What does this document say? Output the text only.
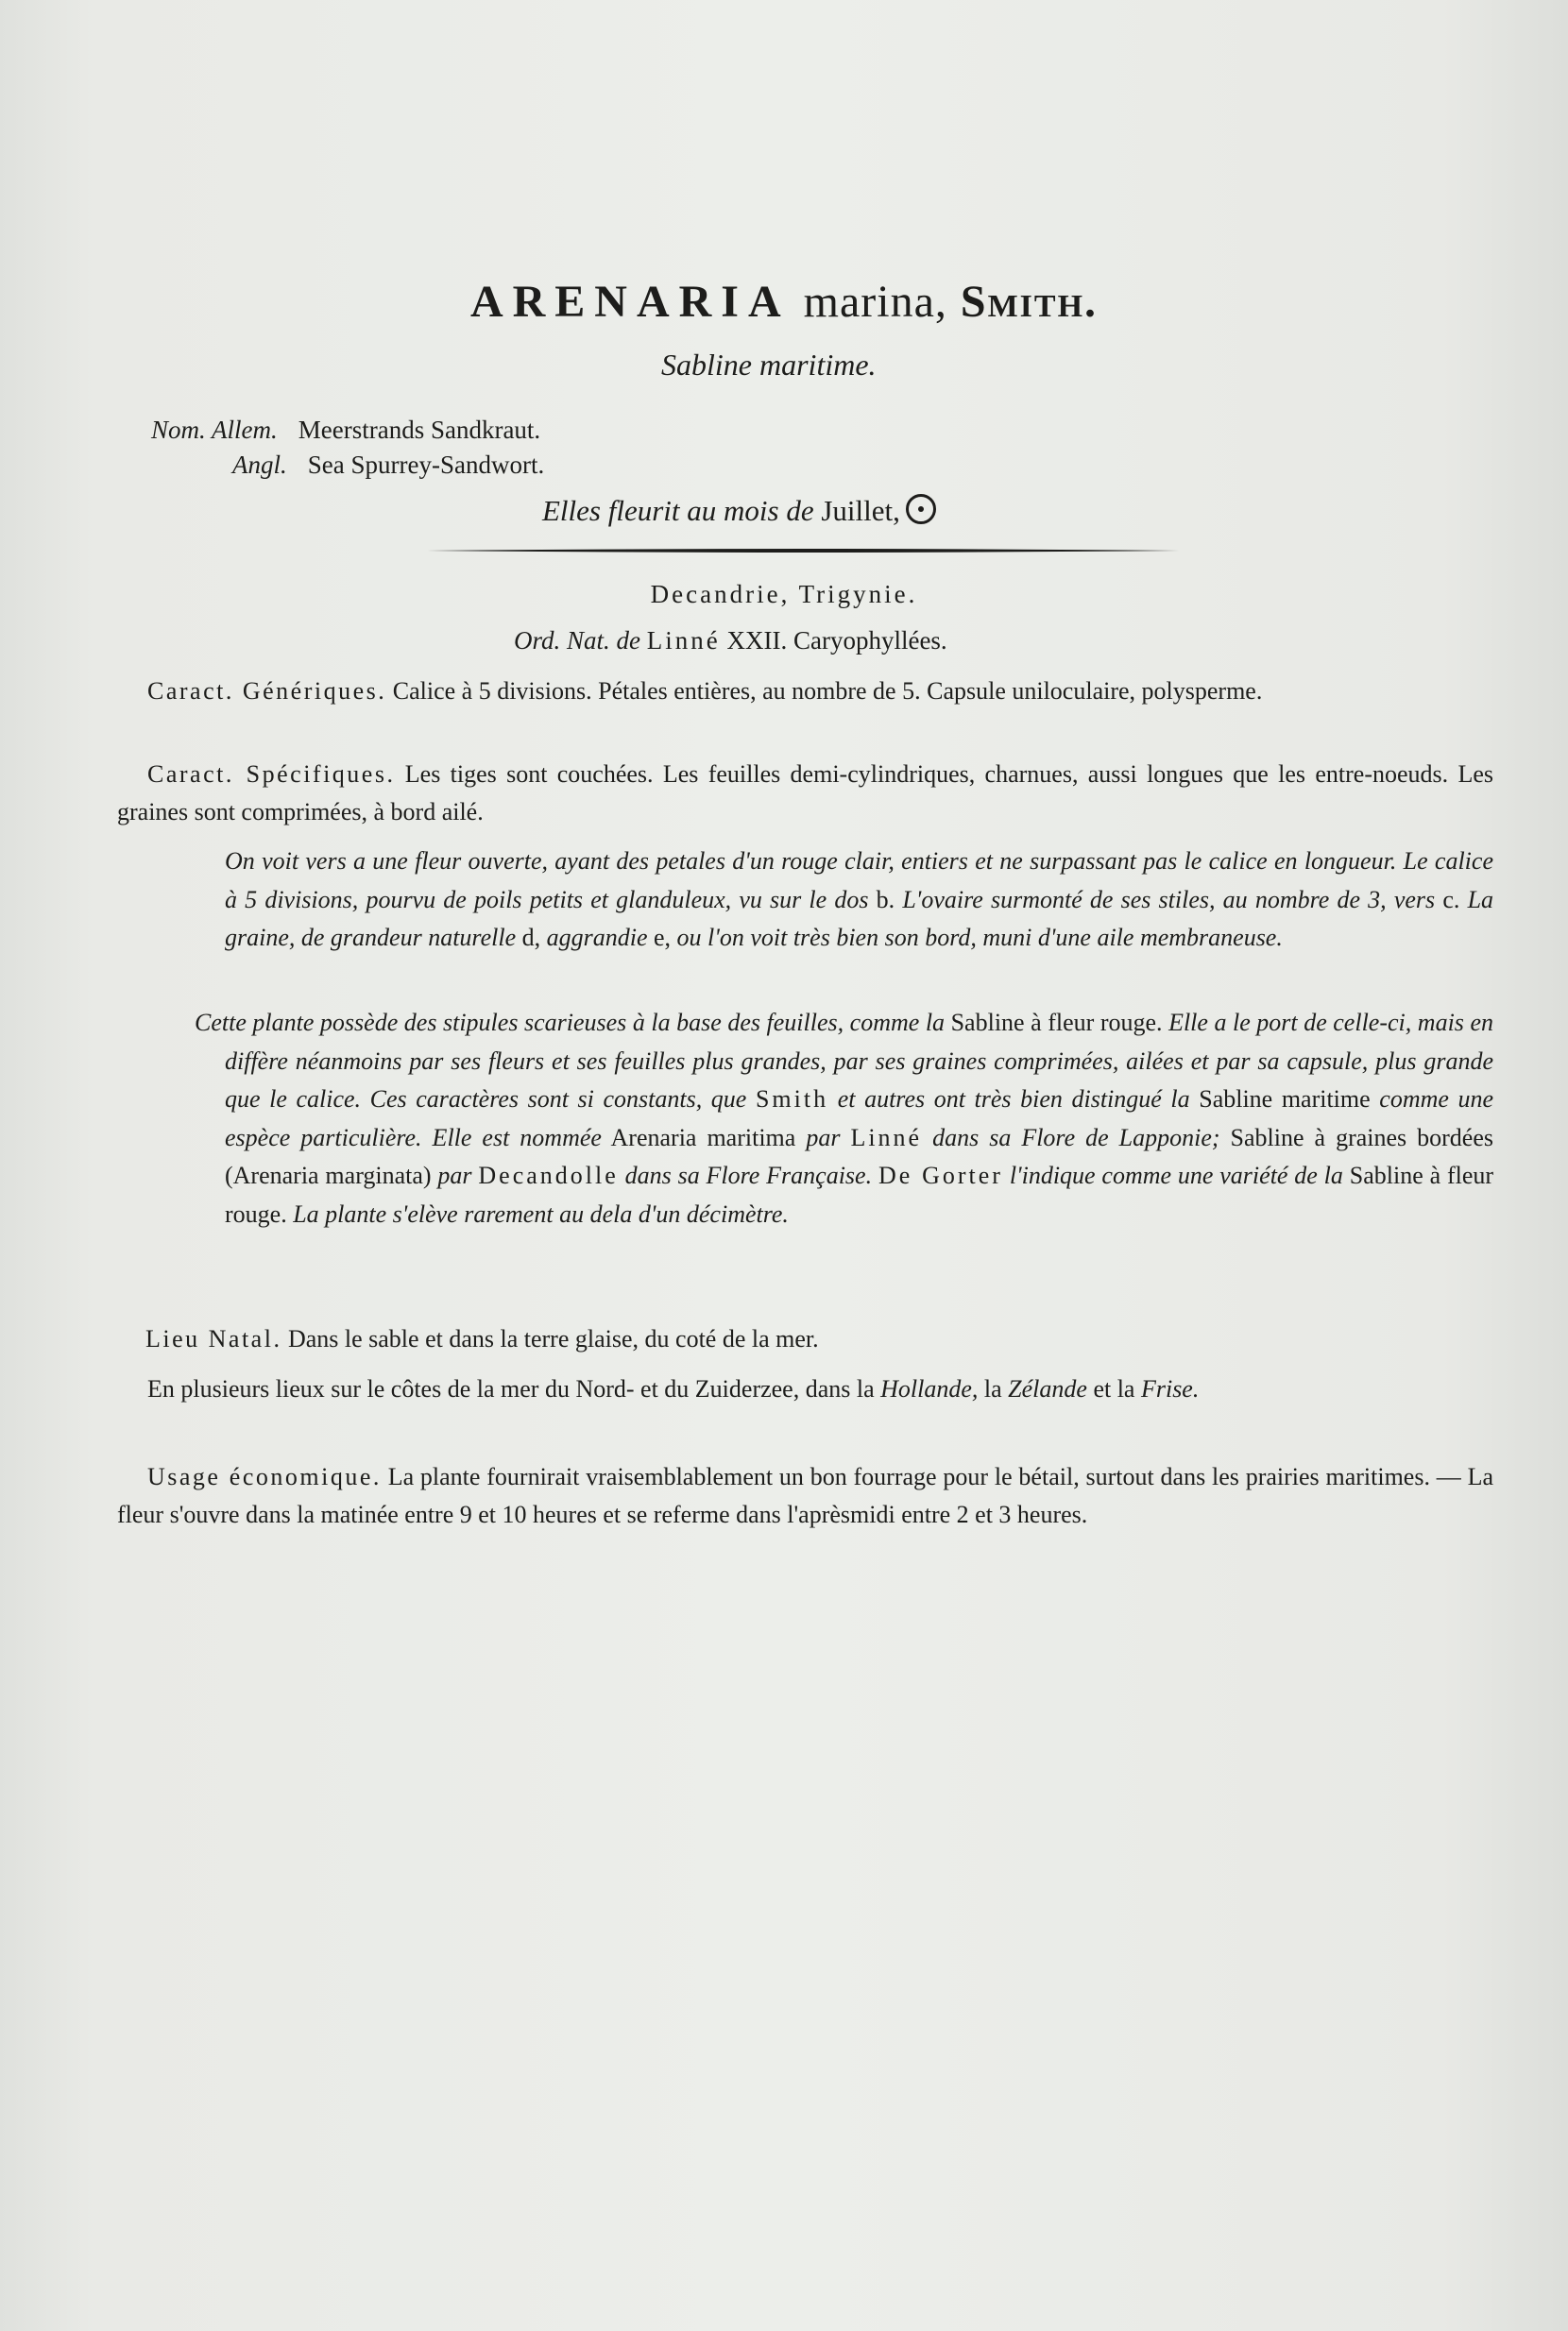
ARENARIA marina, Smith.
Sabline maritime.
Nom. Allem. Meerstrands Sandkraut.
Angl. Sea Spurrey-Sandwort.
Elles fleurit au mois de Juillet,
Decandrie, Trigynie.
Ord. Nat. de Linné XXII. Caryophyllées.
Caract. Génériques. Calice à 5 divisions. Pétales entières, au nombre de 5. Capsule uniloculaire, polysperme.
Caract. Spécifiques. Les tiges sont couchées. Les feuilles demi-cylindriques, charnues, aussi longues que les entre-noeuds. Les graines sont comprimées, à bord ailé.
On voit vers a une fleur ouverte, ayant des petales d'un rouge clair, entiers et ne surpassant pas le calice en longueur. Le calice à 5 divisions, pourvu de poils petits et glanduleux, vu sur le dos b. L'ovaire surmonté de ses stiles, au nombre de 3, vers c. La graine, de grandeur naturelle d, aggrandie e, ou l'on voit très bien son bord, muni d'une aile membraneuse.
Cette plante possède des stipules scarieuses à la base des feuilles, comme la Sabline à fleur rouge. Elle a le port de celle-ci, mais en diffère néanmoins par ses fleurs et ses feuilles plus grandes, par ses graines comprimées, ailées et par sa capsule, plus grande que le calice. Ces caractères sont si constants, que Smith et autres ont très bien distingué la Sabline maritime comme une espèce particulière. Elle est nommée Arenaria maritima par Linné dans sa Flore de Lapponie; Sabline à graines bordées (Arenaria marginata) par Decandolle dans sa Flore Française. De Gorter l'indique comme une variété de la Sabline à fleur rouge. La plante s'elève rarement au dela d'un décimètre.
Lieu Natal. Dans le sable et dans la terre glaise, du coté de la mer.
En plusieurs lieux sur le côtes de la mer du Nord- et du Zuiderzee, dans la Hollande, la Zélande et la Frise.
Usage économique. La plante fournirait vraisemblablement un bon fourrage pour le bétail, surtout dans les prairies maritimes. — La fleur s'ouvre dans la matinée entre 9 et 10 heures et se referme dans l'aprèsmidi entre 2 et 3 heures.
